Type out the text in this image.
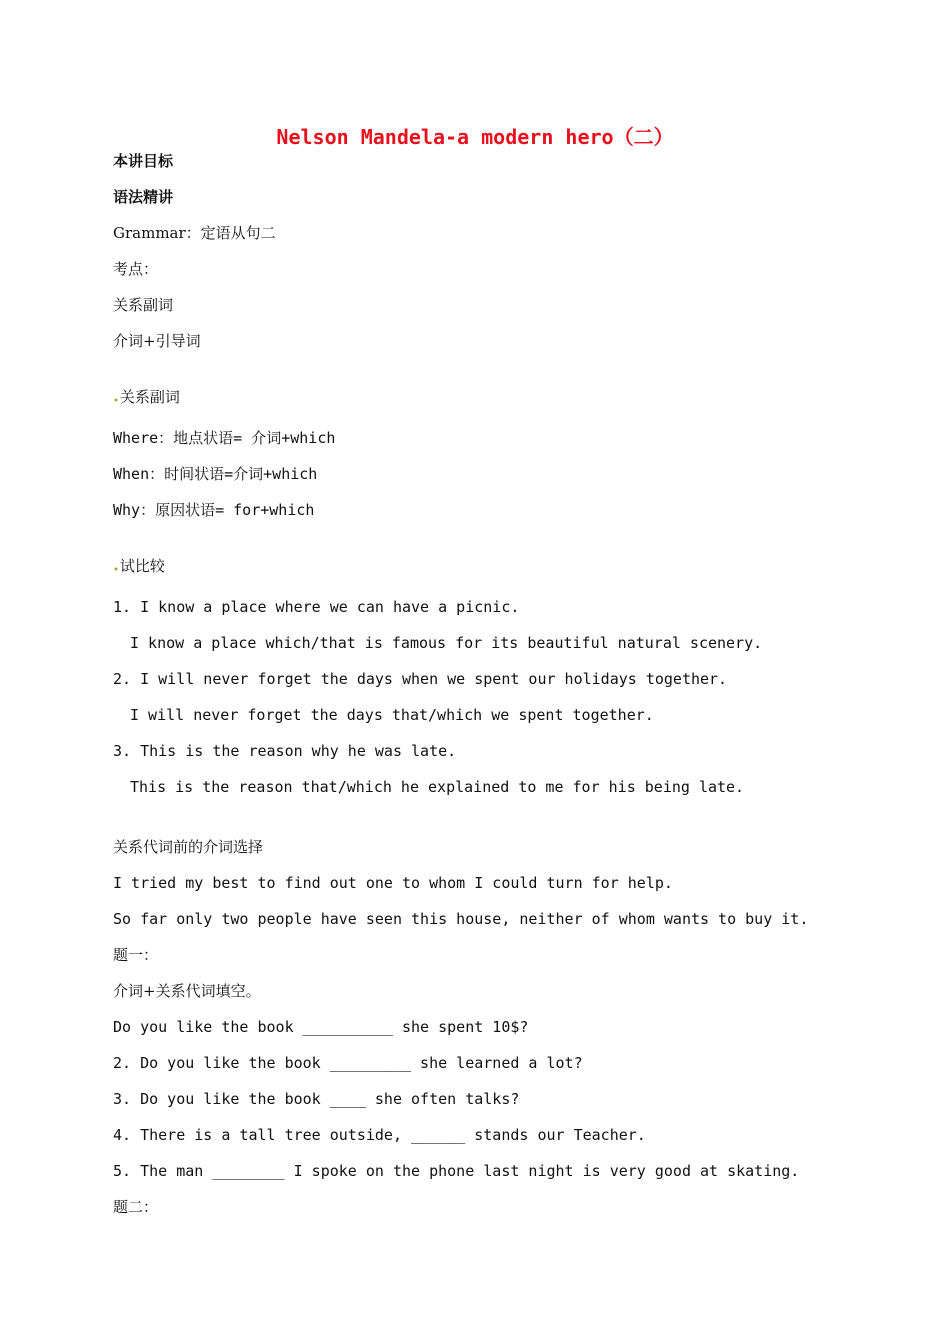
Nelson Mandela-a modern hero（二）
本讲目标
语法精讲
Grammar：定语从句二
考点：
关系副词
介词+引导词
•关系副词
Where：地点状语= 介词+which
When：时间状语=介词+which
Why：原因状语= for+which
•试比较
1. I know a place where we can have a picnic.
I know a place which/that is famous for its beautiful natural scenery.
2. I will never forget the days when we spent our holidays together.
I will never forget the days that/which we spent together.
3. This is the reason why he was late.
This is the reason that/which he explained to me for his being late.
关系代词前的介词选择
I tried my best to find out one to whom I could turn for help.
So far only two people have seen this house, neither of whom wants to buy it.
题一：
介词+关系代词填空。
Do you like the book __________ she spent 10$?
2. Do you like the book _________ she learned a lot?
3. Do you like the book ____ she often talks?
4. There is a tall tree outside, ______ stands our Teacher.
5. The man ________ I spoke on the phone last night is very good at skating.
题二：
